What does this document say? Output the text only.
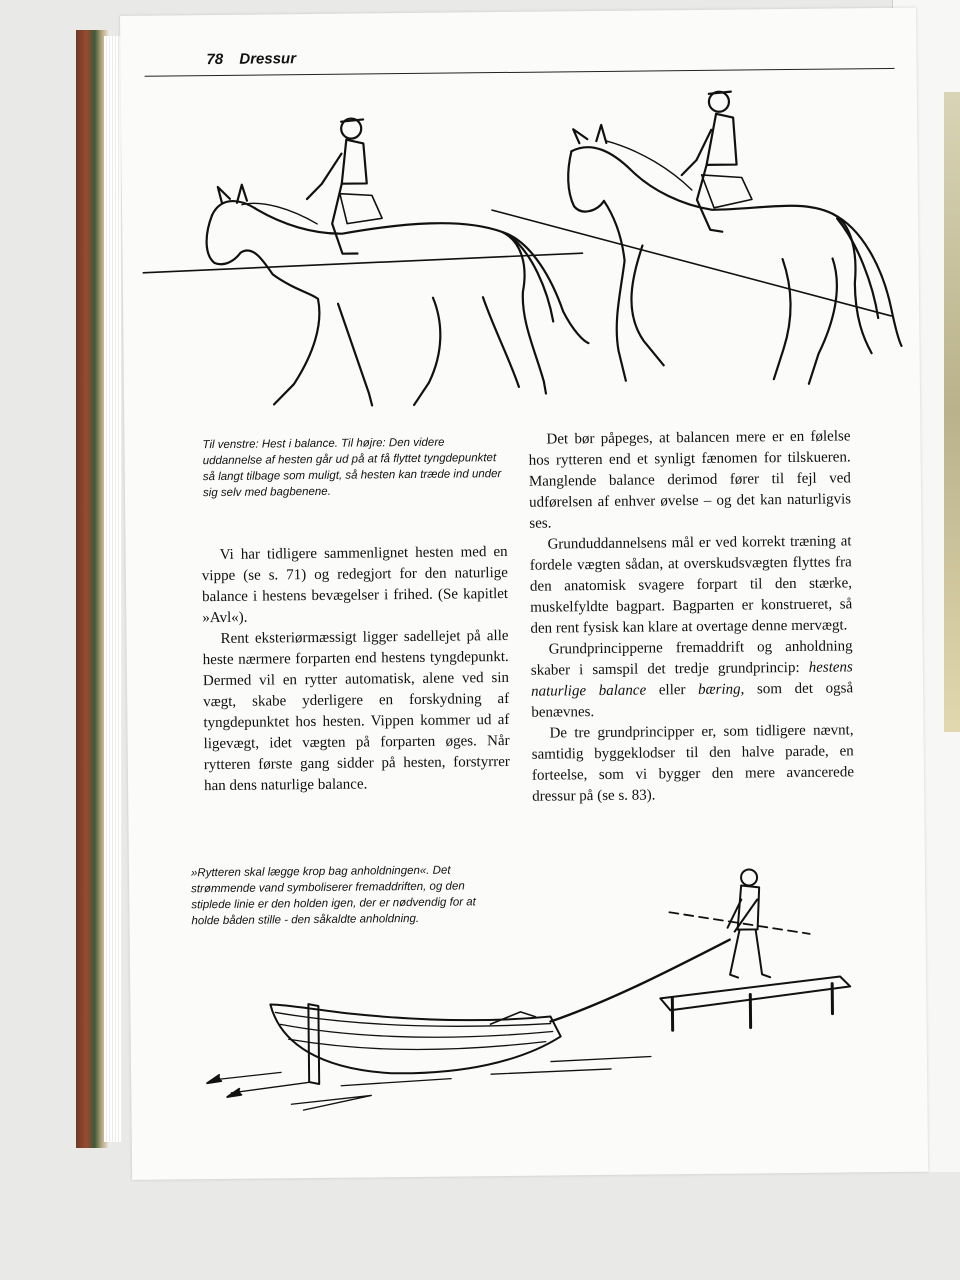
78 Dressur
Til venstre: Hest i balance. Til højre: Den videre uddannelse af hesten går ud på at få flyttet tyngdepunktet så langt tilbage som muligt, så hesten kan træde ind under sig selv med bagbenene.

Vi har tidligere sammenlignet hesten med en vippe (se s. 71) og redegjort for den naturlige balance i hestens bevægelser i frihed. (Se kapitlet »Avl«).

Rent eksteriørmæssigt ligger sadellejet på alle heste nærmere forparten end hestens tyngdepunkt. Dermed vil en rytter automatisk, alene ved sin vægt, skabe yderligere en forskydning af tyngdepunktet hos hesten. Vippen kommer ud af ligevægt, idet vægten på forparten øges. Når rytteren første gang sidder på hesten, forstyrrer han dens naturlige balance.

Det bør påpeges, at balancen mere er en følelse hos rytteren end et synligt fænomen for tilskueren. Manglende balance derimod fører til fejl ved udførelsen af enhver øvelse – og det kan naturligvis ses.

Grunduddannelsens mål er ved korrekt træning at fordele vægten sådan, at overskudsvægten flyttes fra den anatomisk svagere forpart til den stærke, muskelfyldte bagpart. Bagparten er konstrueret, så den rent fysisk kan klare at overtage denne mervægt.

Grundprincipperne fremaddrift og anholdning skaber i samspil det tredje grundprincip: hestens naturlige balance eller bæring, som det også benævnes.

De tre grundprincipper er, som tidligere nævnt, samtidig byggeklodser til den halve parade, en forteelse, som vi bygger den mere avancerede dressur på (se s. 83).

»Rytteren skal lægge krop bag anholdningen«. Det strømmende vand symboliserer fremaddriften, og den stiplede linie er den holden igen, der er nødvendig for at holde båden stille - den såkaldte anholdning.
